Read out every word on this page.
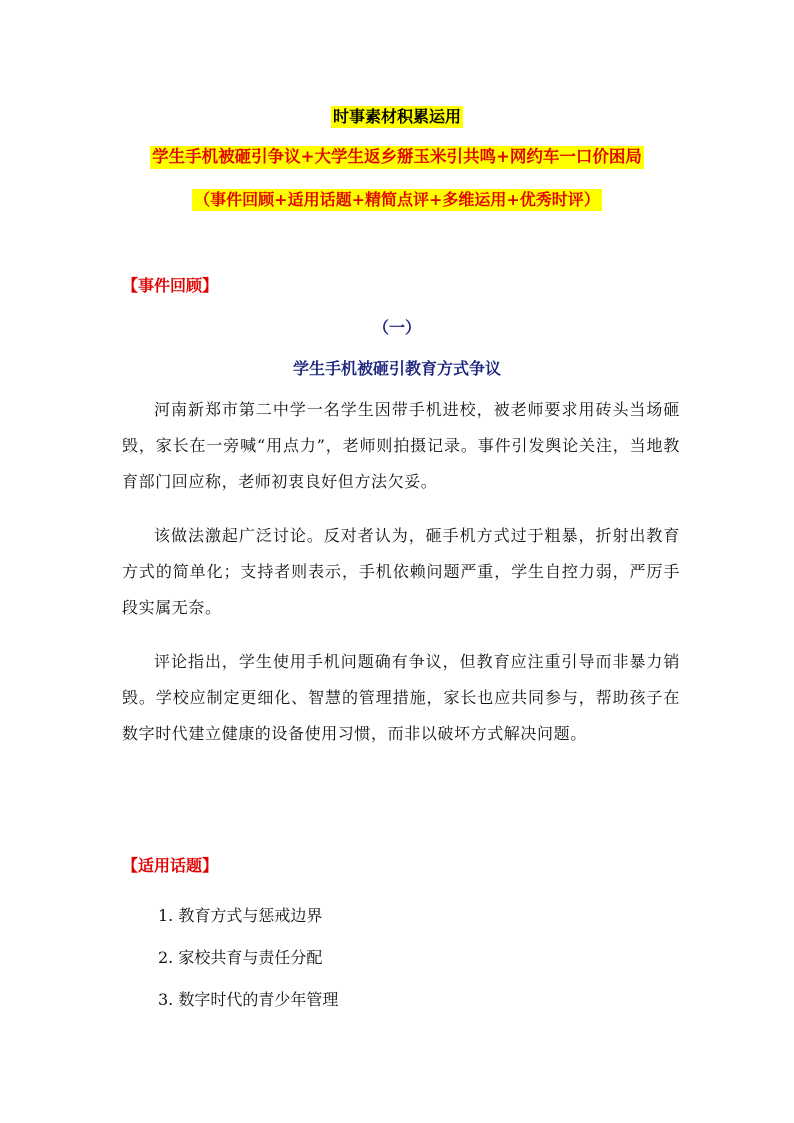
时事素材积累运用
学生手机被砸引争议+大学生返乡掰玉米引共鸣+网约车一口价困局
（事件回顾+适用话题+精简点评+多维运用+优秀时评）
【事件回顾】
（一）
学生手机被砸引教育方式争议

河南新郑市第二中学一名学生因带手机进校，被老师要求用砖头当场砸毁，家长在一旁喊“用点力”，老师则拍摄记录。事件引发舆论关注，当地教育部门回应称，老师初衷良好但方法欠妥。

该做法激起广泛讨论。反对者认为，砸手机方式过于粗暴，折射出教育方式的简单化；支持者则表示，手机依赖问题严重，学生自控力弱，严厉手段实属无奈。

评论指出，学生使用手机问题确有争议，但教育应注重引导而非暴力销毁。学校应制定更细化、智慧的管理措施，家长也应共同参与，帮助孩子在数字时代建立健康的设备使用习惯，而非以破坏方式解决问题。

【适用话题】
1. 教育方式与惩戒边界
2. 家校共育与责任分配
3. 数字时代的青少年管理
